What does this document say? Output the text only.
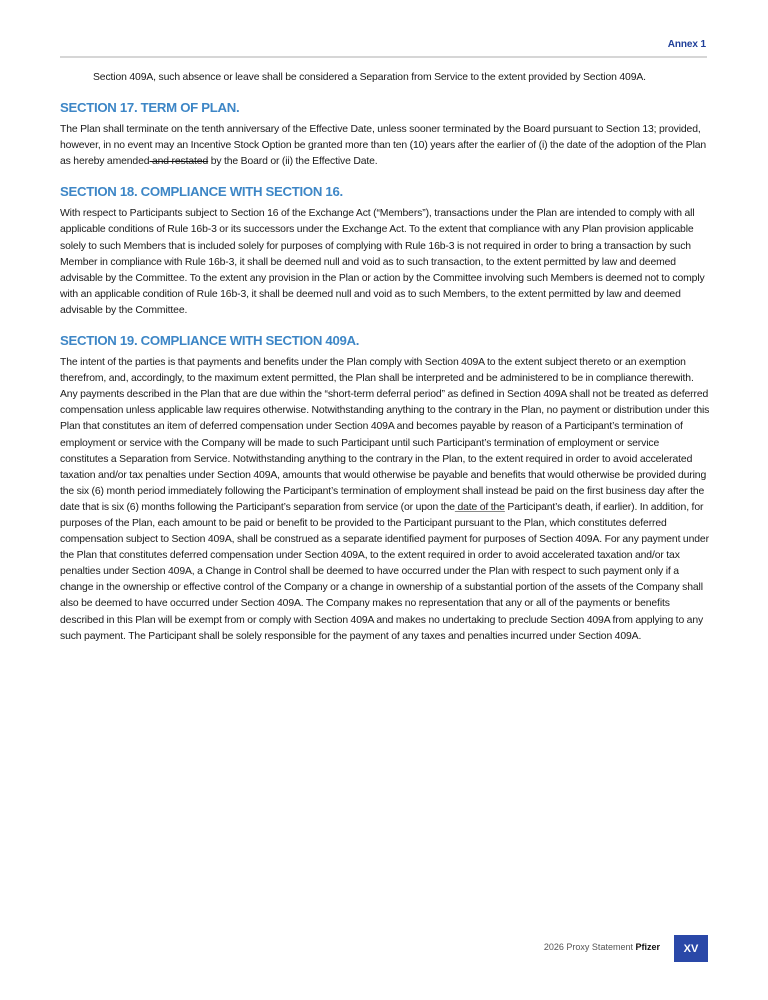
Annex 1

Section 409A, such absence or leave shall be considered a Separation from Service to the extent provided by Section 409A.

SECTION 17. TERM OF PLAN.

The Plan shall terminate on the tenth anniversary of the Effective Date, unless sooner terminated by the Board pursuant to Section 13; provided, however, in no event may an Incentive Stock Option be granted more than ten (10) years after the earlier of (i) the date of the adoption of the Plan as hereby amended and restated by the Board or (ii) the Effective Date.

SECTION 18. COMPLIANCE WITH SECTION 16.

With respect to Participants subject to Section 16 of the Exchange Act (“Members”), transactions under the Plan are intended to comply with all applicable conditions of Rule 16b-3 or its successors under the Exchange Act. To the extent that compliance with any Plan provision applicable solely to such Members that is included solely for purposes of complying with Rule 16b-3 is not required in order to bring a transaction by such Member in compliance with Rule 16b-3, it shall be deemed null and void as to such transaction, to the extent permitted by law and deemed advisable by the Committee. To the extent any provision in the Plan or action by the Committee involving such Members is deemed not to comply with an applicable condition of Rule 16b-3, it shall be deemed null and void as to such Members, to the extent permitted by law and deemed advisable by the Committee.

SECTION 19. COMPLIANCE WITH SECTION 409A.

The intent of the parties is that payments and benefits under the Plan comply with Section 409A to the extent subject thereto or an exemption therefrom, and, accordingly, to the maximum extent permitted, the Plan shall be interpreted and be administered to be in compliance therewith. Any payments described in the Plan that are due within the “short-term deferral period” as defined in Section 409A shall not be treated as deferred compensation unless applicable law requires otherwise. Notwithstanding anything to the contrary in the Plan, no payment or distribution under this Plan that constitutes an item of deferred compensation under Section 409A and becomes payable by reason of a Participant’s termination of employment or service with the Company will be made to such Participant until such Participant’s termination of employment or service constitutes a Separation from Service. Notwithstanding anything to the contrary in the Plan, to the extent required in order to avoid accelerated taxation and/or tax penalties under Section 409A, amounts that would otherwise be payable and benefits that would otherwise be provided during the six (6) month period immediately following the Participant’s termination of employment shall instead be paid on the first business day after the date that is six (6) months following the Participant’s separation from service (or upon the date of the Participant’s death, if earlier). In addition, for purposes of the Plan, each amount to be paid or benefit to be provided to the Participant pursuant to the Plan, which constitutes deferred compensation subject to Section 409A, shall be construed as a separate identified payment for purposes of Section 409A. For any payment under the Plan that constitutes deferred compensation under Section 409A, to the extent required in order to avoid accelerated taxation and/or tax penalties under Section 409A, a Change in Control shall be deemed to have occurred under the Plan with respect to such payment only if a change in the ownership or effective control of the Company or a change in ownership of a substantial portion of the assets of the Company shall also be deemed to have occurred under Section 409A. The Company makes no representation that any or all of the payments or benefits described in this Plan will be exempt from or comply with Section 409A and makes no undertaking to preclude Section 409A from applying to any such payment. The Participant shall be solely responsible for the payment of any taxes and penalties incurred under Section 409A.

2026 Proxy Statement Pfizer	XV
